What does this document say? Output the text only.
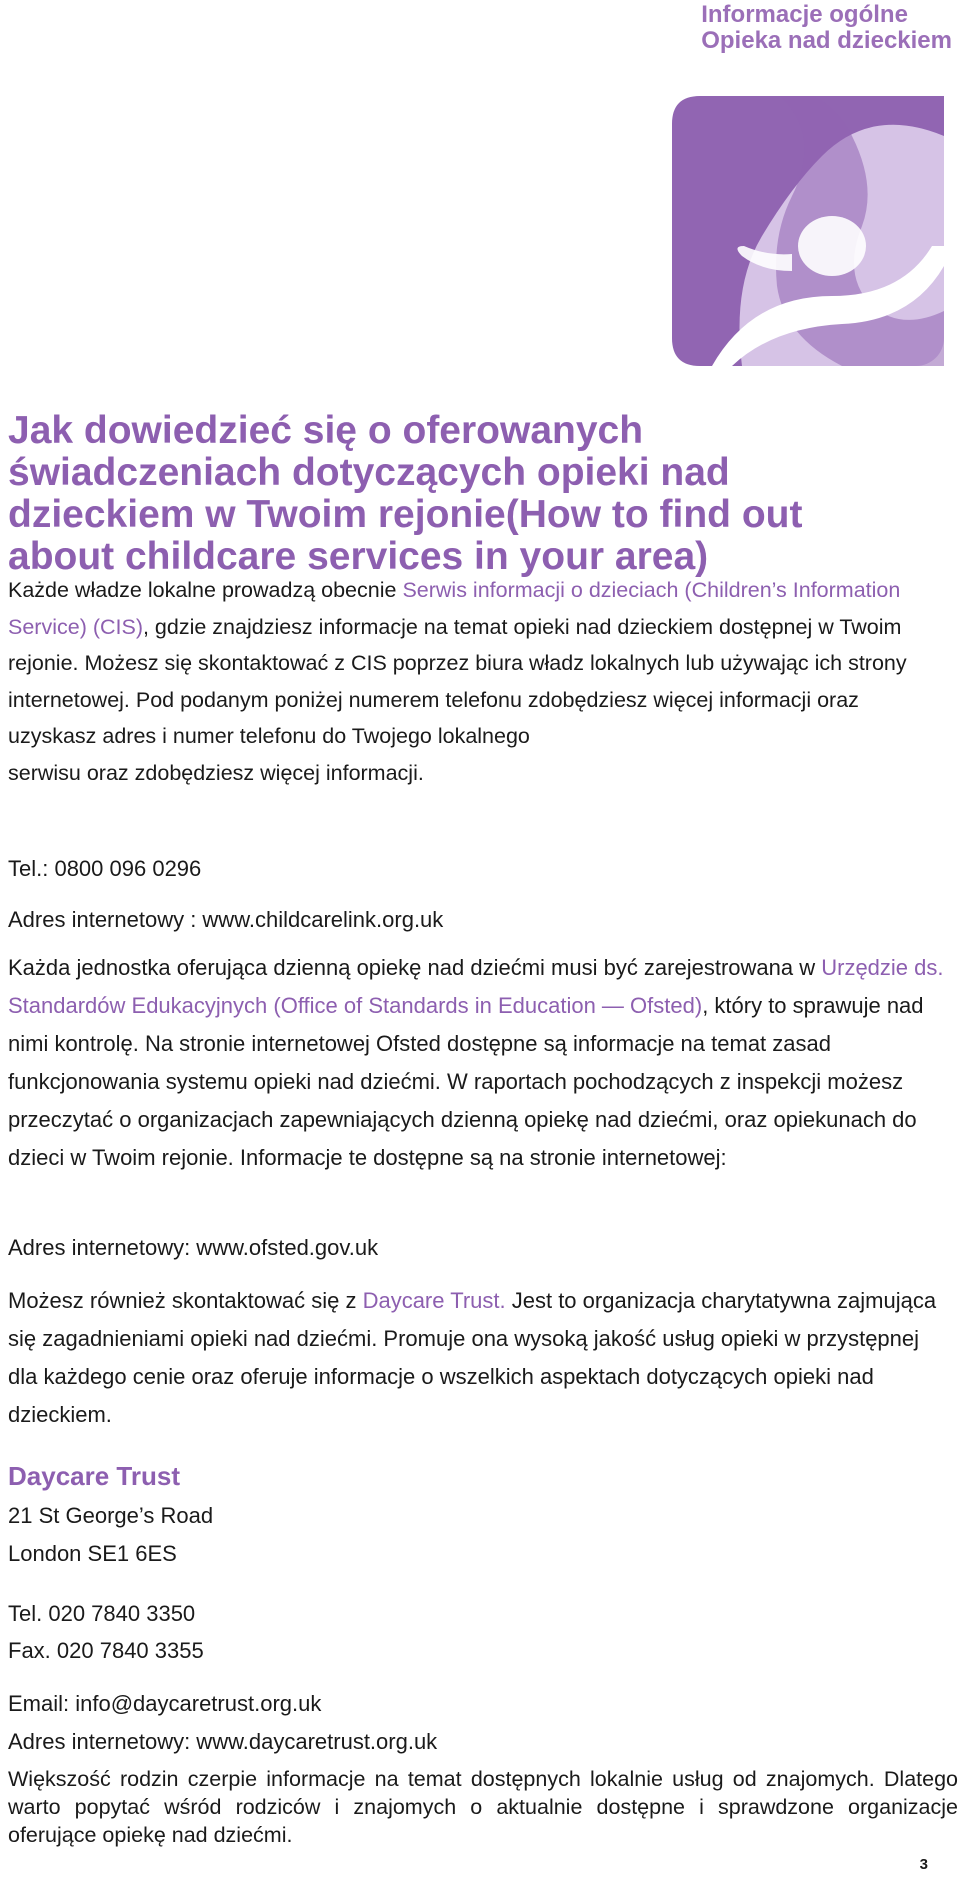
Informacje ogólne
Opieka nad dzieckiem
Jak dowiedzieć się o oferowanych świadczeniach dotyczących opieki nad dzieckiem w Twoim rejonie(How to find out about childcare services in your area)

Każde władze lokalne prowadzą obecnie Serwis informacji o dzieciach (Children’s Information Service) (CIS), gdzie znajdziesz informacje na temat opieki nad dzieckiem dostępnej w Twoim rejonie. Możesz się skontaktować z CIS poprzez biura władz lokalnych lub używając ich strony internetowej. Pod podanym poniżej numerem telefonu zdobędziesz więcej informacji oraz uzyskasz adres i numer telefonu do Twojego lokalnego
serwisu oraz zdobędziesz więcej informacji.

Tel.: 0800 096 0296
Adres internetowy : www.childcarelink.org.uk

Każda jednostka oferująca dzienną opiekę nad dziećmi musi być zarejestrowana w Urzędzie ds. Standardów Edukacyjnych (Office of Standards in Education — Ofsted), który to sprawuje nad nimi kontrolę. Na stronie internetowej Ofsted dostępne są informacje na temat zasad funkcjonowania systemu opieki nad dziećmi. W raportach pochodzących z inspekcji możesz przeczytać o organizacjach zapewniających dzienną opiekę nad dziećmi, oraz opiekunach do dzieci w Twoim rejonie. Informacje te dostępne są na stronie internetowej:

Adres internetowy: www.ofsted.gov.uk

Możesz również skontaktować się z Daycare Trust. Jest to organizacja charytatywna zajmująca się zagadnieniami opieki nad dziećmi. Promuje ona wysoką jakość usług opieki w przystępnej dla każdego cenie oraz oferuje informacje o wszelkich aspektach dotyczących opieki nad dzieckiem.

Daycare Trust
21 St George’s Road
London SE1 6ES
Tel. 020 7840 3350
Fax. 020 7840 3355
Email: info@daycaretrust.org.uk
Adres internetowy: www.daycaretrust.org.uk

Większość rodzin czerpie informacje na temat dostępnych lokalnie usług od znajomych. Dlatego warto popytać wśród rodziców i znajomych o aktualnie dostępne i sprawdzone organizacje oferujące opiekę nad dziećmi.

3
